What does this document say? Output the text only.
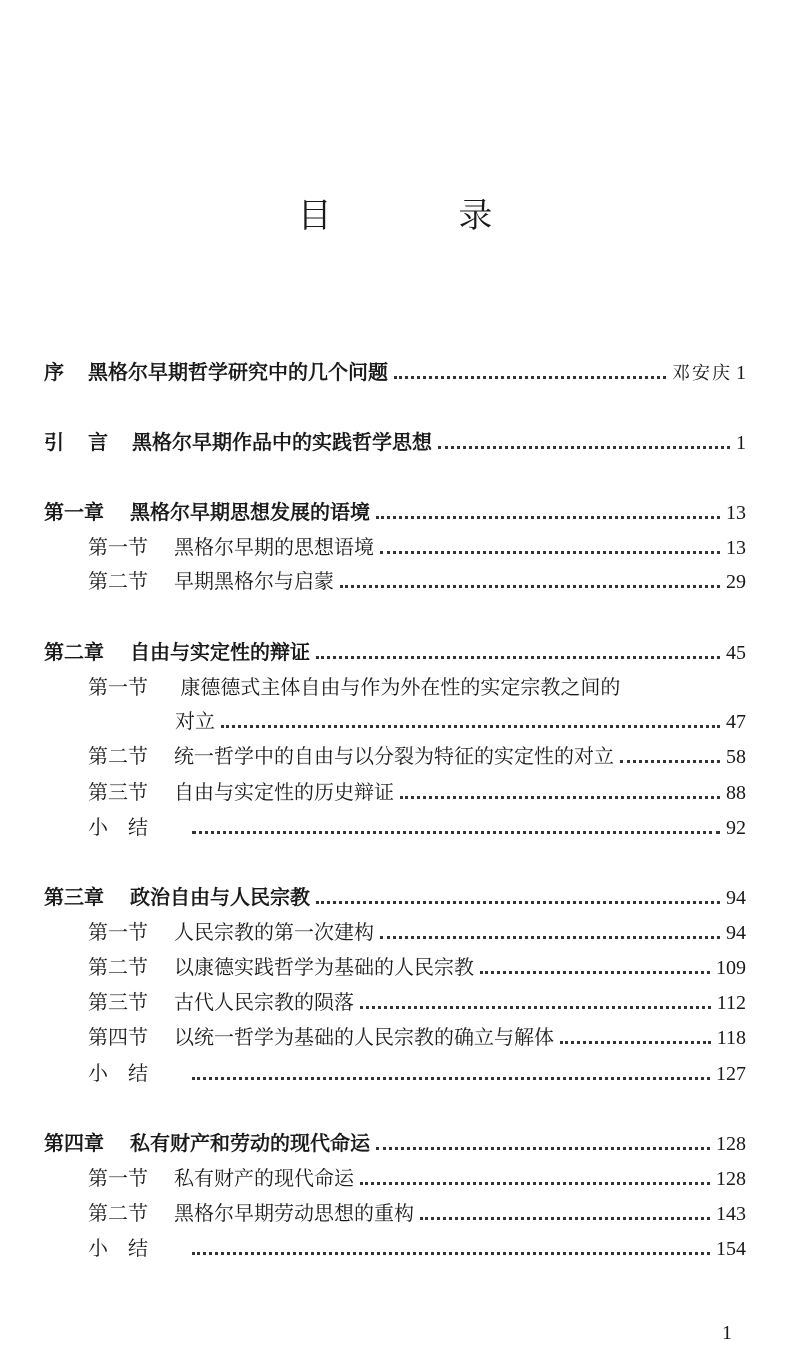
目 录
序	黑格尔早期哲学研究中的几个问题	邓安庆 1
引言 黑格尔早期作品中的实践哲学思想	1
第一章	黑格尔早期思想发展的语境	13
第一节	黑格尔早期的思想语境	13
第二节	早期黑格尔与启蒙	29
第二章	自由与实定性的辩证	45
第一节 康德德式主体自由与作为外在性的实定宗教之间的
对立	47
第二节	统一哲学中的自由与以分裂为特征的实定性的对立	58
第三节	自由与实定性的历史辩证	88
小结	92
第三章	政治自由与人民宗教	94
第一节	人民宗教的第一次建构	94
第二节	以康德实践哲学为基础的人民宗教	109
第三节	古代人民宗教的陨落	112
第四节	以统一哲学为基础的人民宗教的确立与解体	118
小结	127
第四章	私有财产和劳动的现代命运	128
第一节	私有财产的现代命运	128
第二节	黑格尔早期劳动思想的重构	143
小结	154
1
